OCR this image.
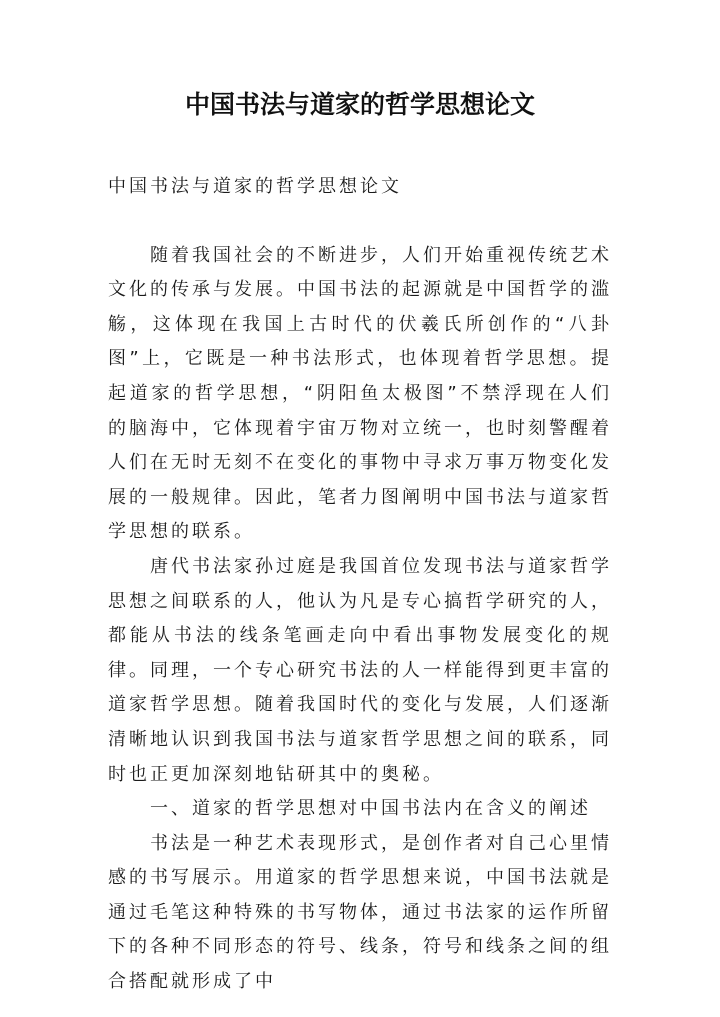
中国书法与道家的哲学思想论文

中国书法与道家的哲学思想论文

随着我国社会的不断进步，人们开始重视传统艺术文化的传承与发展。中国书法的起源就是中国哲学的滥觞，这体现在我国上古时代的伏羲氏所创作的“八卦图”上，它既是一种书法形式，也体现着哲学思想。提起道家的哲学思想，“阴阳鱼太极图”不禁浮现在人们的脑海中，它体现着宇宙万物对立统一，也时刻警醒着人们在无时无刻不在变化的事物中寻求万事万物变化发展的一般规律。因此，笔者力图阐明中国书法与道家哲学思想的联系。

唐代书法家孙过庭是我国首位发现书法与道家哲学思想之间联系的人，他认为凡是专心搞哲学研究的人，都能从书法的线条笔画走向中看出事物发展变化的规律。同理，一个专心研究书法的人一样能得到更丰富的道家哲学思想。随着我国时代的变化与发展，人们逐渐清晰地认识到我国书法与道家哲学思想之间的联系，同时也正更加深刻地钻研其中的奥秘。

一、道家的哲学思想对中国书法内在含义的阐述

书法是一种艺术表现形式，是创作者对自己心里情感的书写展示。用道家的哲学思想来说，中国书法就是通过毛笔这种特殊的书写物体，通过书法家的运作所留下的各种不同形态的符号、线条，符号和线条之间的组合搭配就形成了中
